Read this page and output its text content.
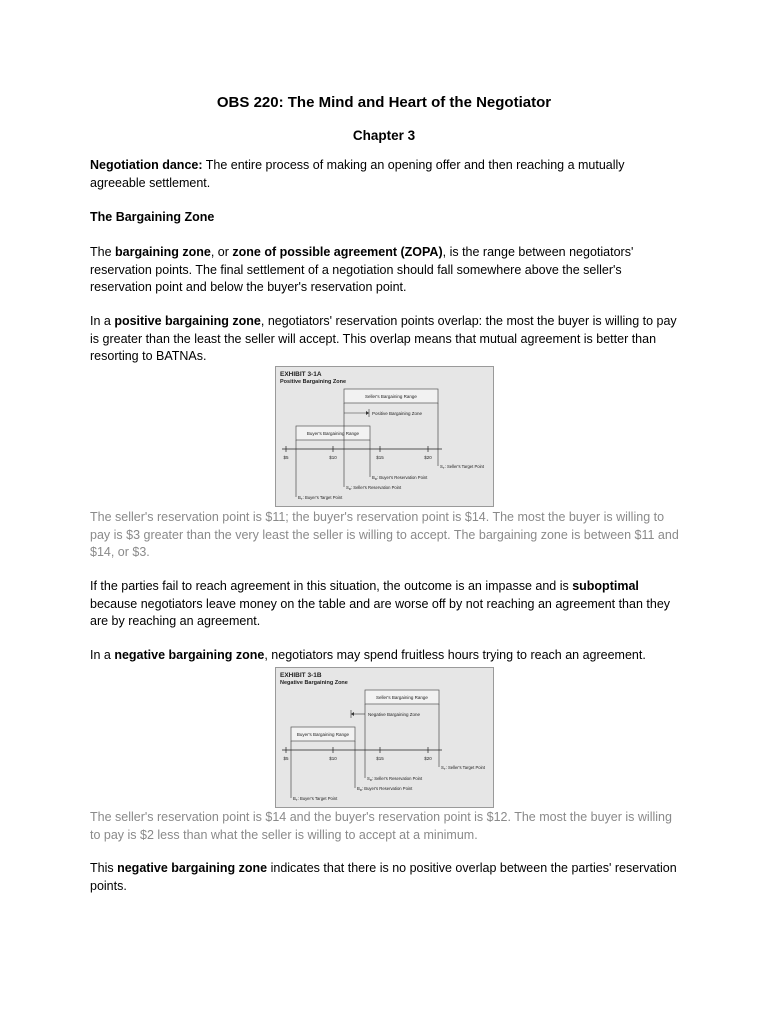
OBS 220: The Mind and Heart of the Negotiator
Chapter 3
Negotiation dance: The entire process of making an opening offer and then reaching a mutually agreeable settlement.
The Bargaining Zone
The bargaining zone, or zone of possible agreement (ZOPA), is the range between negotiators' reservation points. The final settlement of a negotiation should fall somewhere above the seller's reservation point and below the buyer's reservation point.
In a positive bargaining zone, negotiators' reservation points overlap: the most the buyer is willing to pay is greater than the least the seller will accept. This overlap means that mutual agreement is better than resorting to BATNAs.
EXHIBIT 3-1A
Positive Bargaining Zone
Seller's Bargaining Range
Positive Bargaining Zone
Buyer's Bargaining Range
$5	$10	$15	$20
$S_T$: Seller's Target Point
$B_R$: Buyer's Reservation Point
$S_R$: Seller's Reservation Point
$B_T$: Buyer's Target Point
The seller's reservation point is $11; the buyer's reservation point is $14. The most the buyer is willing to pay is $3 greater than the very least the seller is willing to accept. The bargaining zone is between $11 and $14, or $3.
If the parties fail to reach agreement in this situation, the outcome is an impasse and is suboptimal because negotiators leave money on the table and are worse off by not reaching an agreement than they are by reaching an agreement.
In a negative bargaining zone, negotiators may spend fruitless hours trying to reach an agreement.
EXHIBIT 3-1B
Negative Bargaining Zone
Seller's Bargaining Range
Negative Bargaining Zone
Buyer's Bargaining Range
$5	$10	$15	$20
$S_T$: Seller's Target Point
$S_R$: Seller's Reservation Point
$B_R$: Buyer's Reservation Point
$B_T$: Buyer's Target Point
The seller's reservation point is $14 and the buyer's reservation point is $12. The most the buyer is willing to pay is $2 less than what the seller is willing to accept at a minimum.
This negative bargaining zone indicates that there is no positive overlap between the parties' reservation points.
